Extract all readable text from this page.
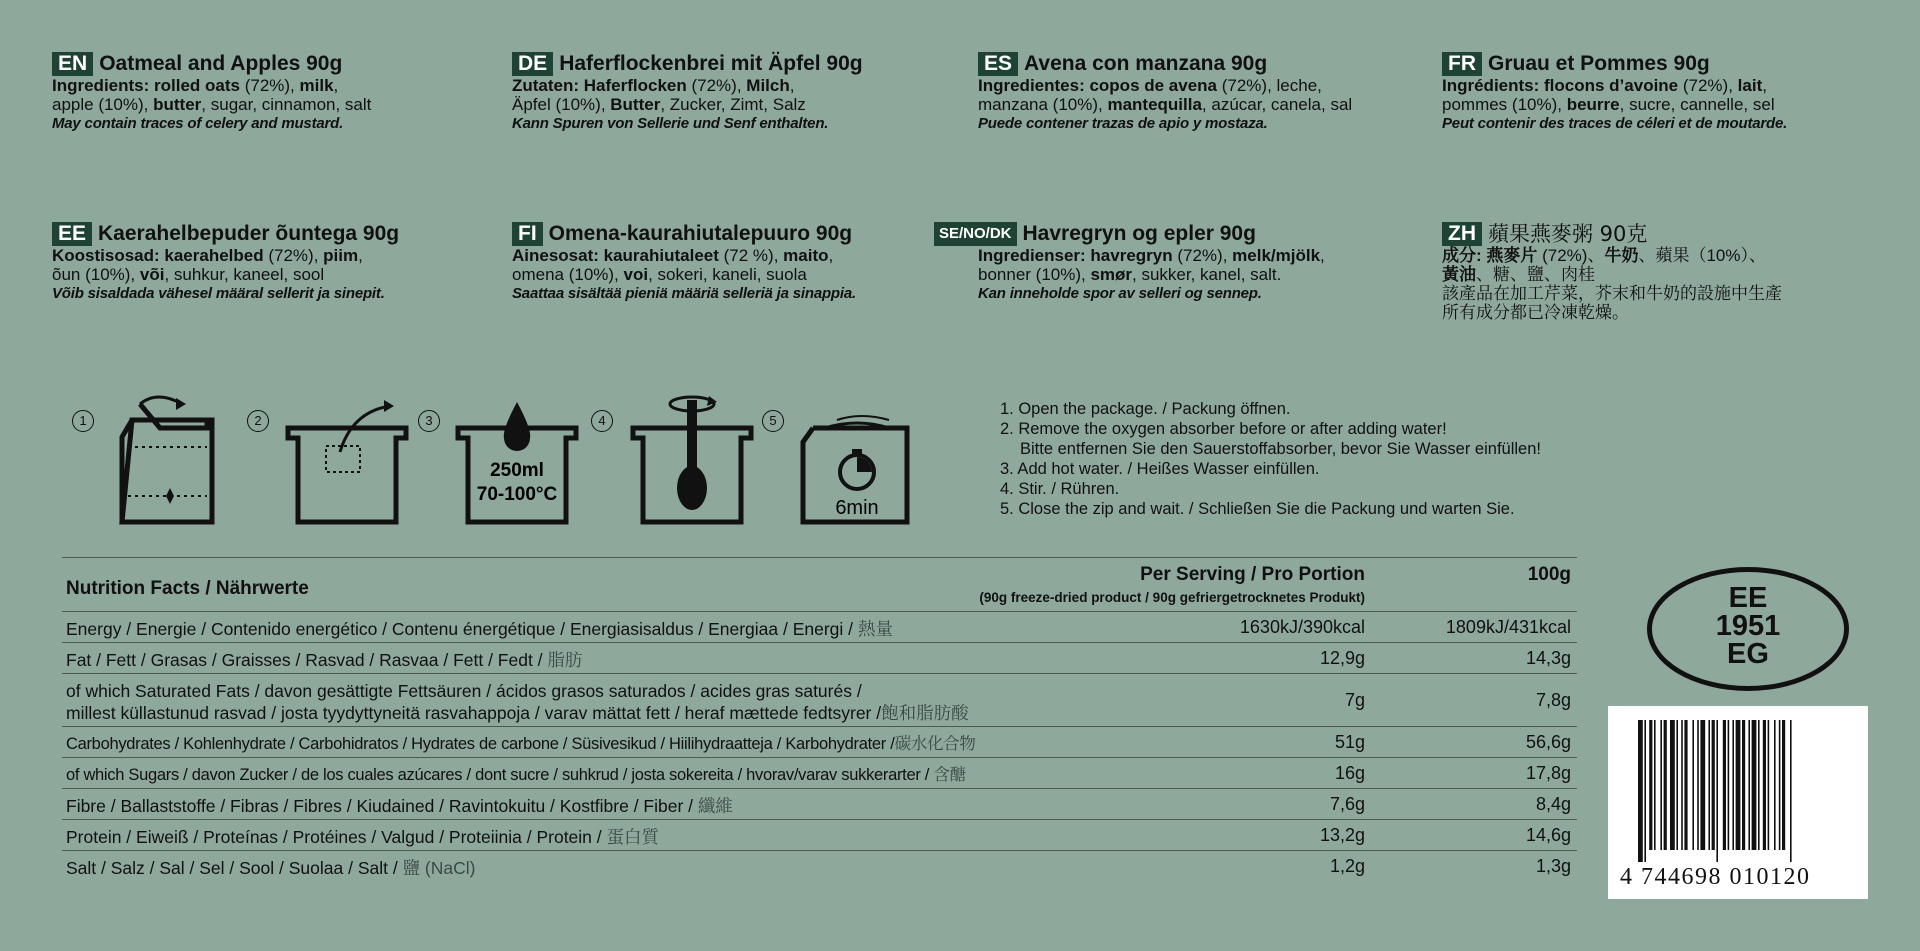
EN Oatmeal and Apples 90g
Ingredients: rolled oats (72%), milk,
apple (10%), butter, sugar, cinnamon, salt
May contain traces of celery and mustard.
DE Haferflockenbrei mit Äpfel 90g
Zutaten: Haferflocken (72%), Milch,
Äpfel (10%), Butter, Zucker, Zimt, Salz
Kann Spuren von Sellerie und Senf enthalten.
ES Avena con manzana 90g
Ingredientes: copos de avena (72%), leche,
manzana (10%), mantequilla, azúcar, canela, sal
Puede contener trazas de apio y mostaza.
FR Gruau et Pommes 90g
Ingrédients: flocons d’avoine (72%), lait,
pommes (10%), beurre, sucre, cannelle, sel
Peut contenir des traces de céleri et de moutarde.
EE Kaerahelbepuder õuntega 90g
Koostisosad: kaerahelbed (72%), piim,
õun (10%), või, suhkur, kaneel, sool
Võib sisaldada vähesel määral sellerit ja sinepit.
FI Omena-kaurahiutalepuuro 90g
Ainesosat: kaurahiutaleet (72 %), maito,
omena (10%), voi, sokeri, kaneli, suola
Saattaa sisältää pieniä määriä selleriä ja sinappia.
SE/NO/DK Havregryn og epler 90g
Ingredienser: havregryn (72%), melk/mjölk,
bonner (10%), smør, sukker, kanel, salt.
Kan inneholde spor av selleri og sennep.
ZH 蘋果燕麥粥 90克
成分: 燕麥片 (72%)、牛奶、蘋果（10%）、
黃油、糖、鹽、肉桂
該產品在加工芹菜，芥末和牛奶的設施中生產
所有成分都已冷凍乾燥。
1	2	3	4	5
250ml
70-100°C
6min
1. Open the package. / Packung öffnen.
2. Remove the oxygen absorber before or after adding water!
Bitte entfernen Sie den Sauerstoffabsorber, bevor Sie Wasser einfüllen!
3. Add hot water. / Heißes Wasser einfüllen.
4. Stir. / Rühren.
5. Close the zip and wait. / Schließen Sie die Packung und warten Sie.
Nutrition Facts / Nährwerte
Per Serving / Pro Portion
(90g freeze-dried product / 90g gefriergetrocknetes Produkt)
100g
Energy / Energie / Contenido energético / Contenu énergétique / Energiasisaldus / Energiaa / Energi / 熱量	1630kJ/390kcal	1809kJ/431kcal
Fat / Fett / Grasas / Graisses / Rasvad / Rasvaa / Fett / Fedt / 脂肪	12,9g	14,3g
of which Saturated Fats / davon gesättigte Fettsäuren / ácidos grasos saturados / acides gras saturés /
millest küllastunud rasvad / josta tyydyttyneitä rasvahappoja / varav mättat fett / heraf mættede fedtsyrer /飽和脂肪酸
7g	7,8g
Carbohydrates / Kohlenhydrate / Carbohidratos / Hydrates de carbone / Süsivesikud / Hiilihydraatteja / Karbohydrater /碳水化合物	51g	56,6g
of which Sugars / davon Zucker / de los cuales azúcares / dont sucre / suhkrud / josta sokereita / hvorav/varav sukkerarter / 含醣	16g	17,8g
Fibre / Ballaststoffe / Fibras / Fibres / Kiudained / Ravintokuitu / Kostfibre / Fiber / 纖維	7,6g	8,4g
Protein / Eiweiß / Proteínas / Protéines / Valgud / Proteiinia / Protein / 蛋白質	13,2g	14,6g
Salt / Salz / Sal / Sel / Sool / Suolaa / Salt / 鹽 (NaCl)	1,2g	1,3g
EE
1951
EG
4 744698 010120
